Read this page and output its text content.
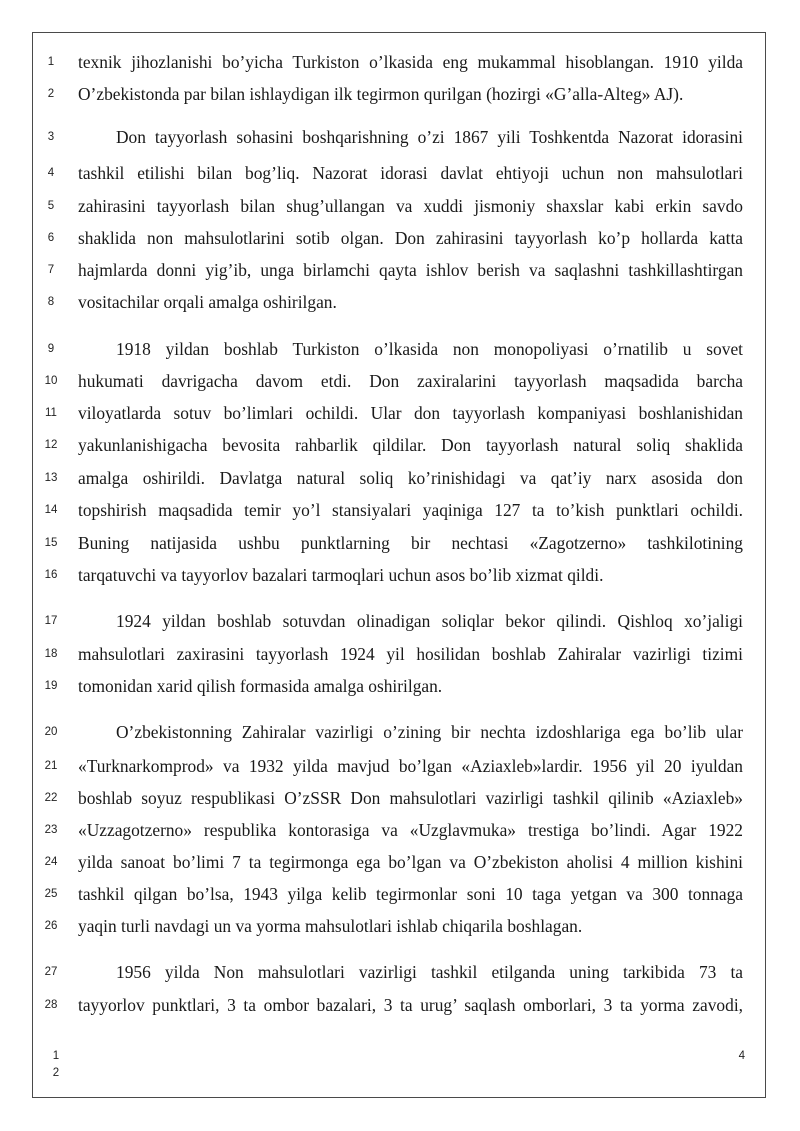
1	texnik jihozlanishi bo’yicha Turkiston o’lkasida eng mukammal hisoblangan. 1910 yilda
2	O’zbekistonda par bilan ishlaydigan ilk tegirmon qurilgan (hozirgi «G’alla-Alteg» AJ).
3	Don tayyorlash sohasini boshqarishning o’zi 1867 yili Toshkentda Nazorat idorasini
4	tashkil etilishi bilan bog’liq. Nazorat idorasi davlat ehtiyoji uchun non mahsulotlari
5	zahirasini tayyorlash bilan shug’ullangan va xuddi jismoniy shaxslar kabi erkin savdo
6	shaklida non mahsulotlarini sotib olgan. Don zahirasini tayyorlash ko’p hollarda katta
7	hajmlarda donni yig’ib, unga birlamchi qayta ishlov berish va saqlashni tashkillashtirgan
8	vositachilar orqali amalga oshirilgan.
9	1918 yildan boshlab Turkiston o’lkasida non monopoliyasi o’rnatilib u sovet
10 hukumati davrigacha davom etdi. Don zaxiralarini tayyorlash maqsadida barcha
11 viloyatlarda sotuv bo’limlari ochildi. Ular don tayyorlash kompaniyasi boshlanishidan
12 yakunlanishigacha bevosita rahbarlik qildilar. Don tayyorlash natural soliq shaklida
13 amalga oshirildi. Davlatga natural soliq ko’rinishidagi va qat’iy narx asosida don
14 topshirish maqsadida temir yo’l stansiyalari yaqiniga 127 ta to’kish punktlari ochildi.
15 Buning natijasida ushbu punktlarning bir nechtasi «Zagotzerno» tashkilotining
16 tarqatuvchi va tayyorlov bazalari tarmoqlari uchun asos bo’lib xizmat qildi.
17	1924 yildan boshlab sotuvdan olinadigan soliqlar bekor qilindi. Qishloq xo’jaligi
18 mahsulotlari zaxirasini tayyorlash 1924 yil hosilidan boshlab Zahiralar vazirligi tizimi
19 tomonidan xarid qilish formasida amalga oshirilgan.
20	O’zbekistonning Zahiralar vazirligi o’zining bir nechta izdoshlariga ega bo’lib ular
21 «Turknarkomprod» va 1932 yilda mavjud bo’lgan «Aziaxleb»lardir. 1956 yil 20 iyuldan
22 boshlab soyuz respublikasi O’zSSR Don mahsulotlari vazirligi tashkil qilinib «Aziaxleb»
23 «Uzzagotzerno» respublika kontorasiga va «Uzglavmuka» trestiga bo’lindi. Agar 1922
24 yilda sanoat bo’limi 7 ta tegirmonga ega bo’lgan va O’zbekiston aholisi 4 million kishini
25 tashkil qilgan bo’lsa, 1943 yilga kelib tegirmonlar soni 10 taga yetgan va 300 tonnaga
26 yaqin turli navdagi un va yorma mahsulotlari ishlab chiqarila boshlagan.
27	1956 yilda Non mahsulotlari vazirligi tashkil etilganda uning tarkibida 73 ta
28 tayyorlov punktlari, 3 ta ombor bazalari, 3 ta urug’ saqlash omborlari, 3 ta yorma zavodi,
1
2
4
